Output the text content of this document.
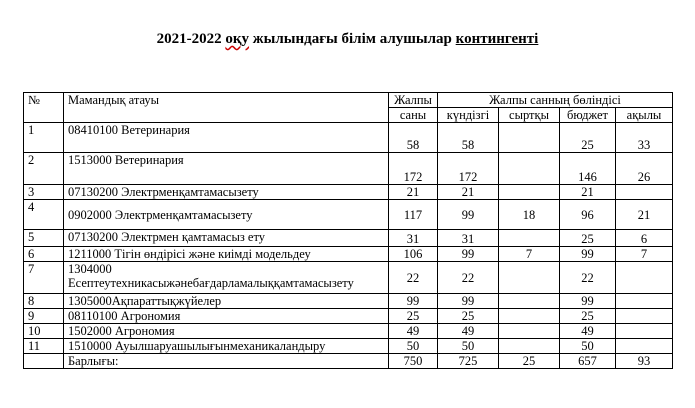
2021-2022 оқу жылындағы білім алушылар контингенті
№	Мамандық атауы	Жалпы	Жалпы санның бөліндісі			
		саны	күндізгі	сыртқы	бюджет	ақылы
1	08410100 Ветеринария	58	58		25	33
2	1513000 Ветеринария	172	172		146	26
3	07130200 Электрменқамтамасызету	21	21		21	
4	0902000 Электрменқамтамасызету	117	99	18	96	21
5	07130200 Электрмен қамтамасыз ету	31	31		25	6
6	1211000 Тігін өндірісі және киімді модельдеу	106	99	7	99	7
7	1304000
Есептеутехникасыжәнебағдарламалыққамтамасызету	22	22		22	
8	1305000Ақпараттықжүйелер	99	99		99	
9	08110100 Агрономия	25	25		25	
10	1502000 Агрономия	49	49		49	
11	1510000 Ауылшаруашылығынмеханикаландыру	50	50		50	
	Барлығы:	750	725	25	657	93
